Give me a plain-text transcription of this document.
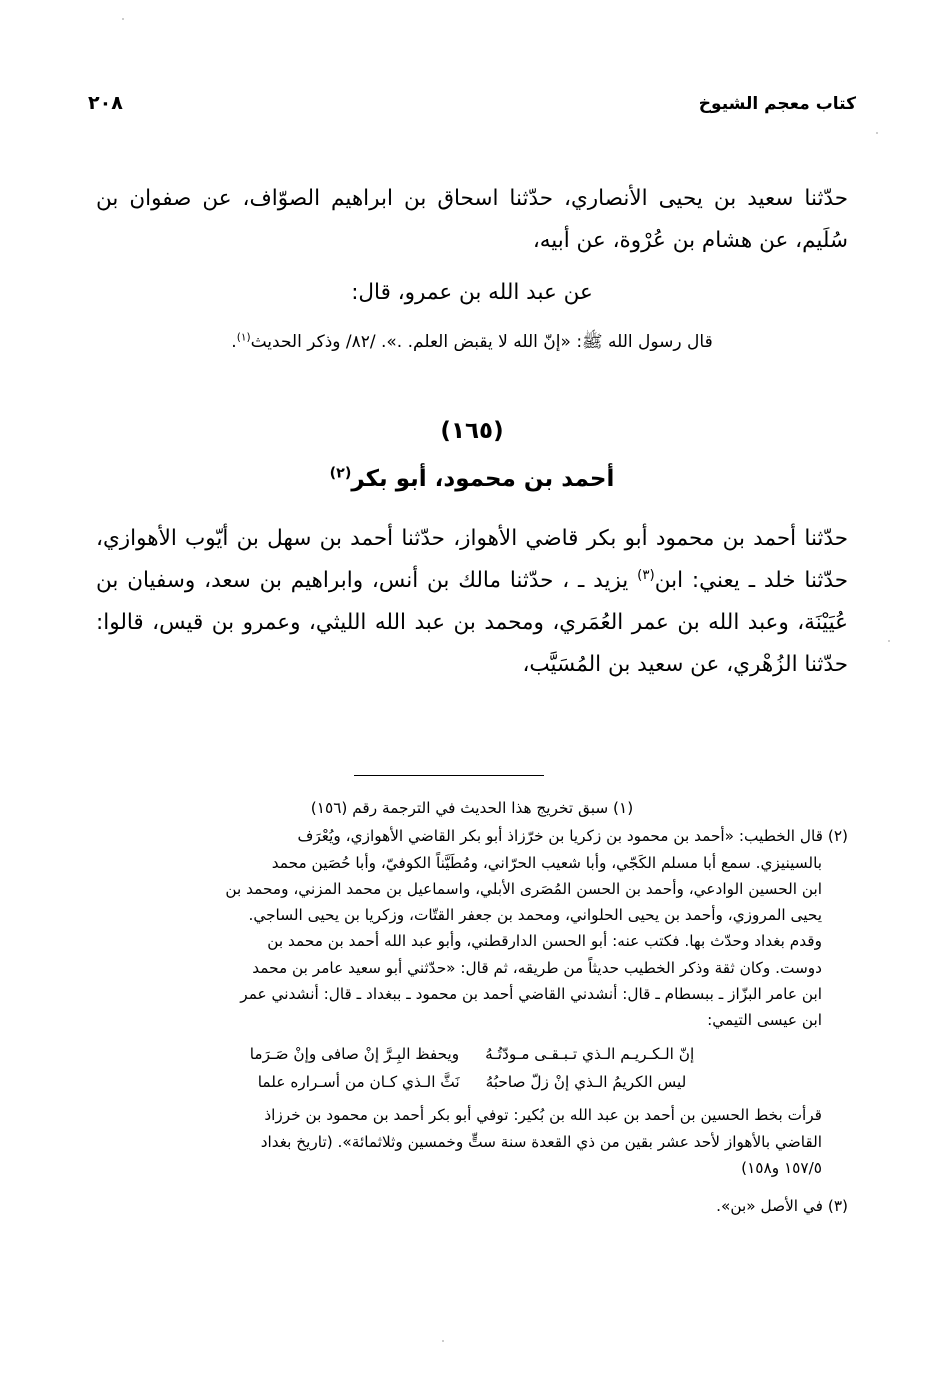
٢٠٨	كتاب معجم الشيوخ

حدّثنا سعيد بن يحيى الأنصاري، حدّثنا اسحاق بن ابراهيم الصوّاف، عن صفوان بن سُلَيم، عن هشام بن عُرْوة، عن أبيه،

عن عبد الله بن عمرو، قال:

قال رسول الله ﷺ: «إنّ الله لا يقبض العلم. .». /٨٢/ وذكر الحديث$^{(١)}$.

(١٦٥)
أحمد بن محمود، أبو بكر$^{(٢)}$

حدّثنا أحمد بن محمود أبو بكر قاضي الأهواز، حدّثنا أحمد بن سهل بن أيّوب الأهوازي، حدّثنا خلد ـ يعني: ابن$^{(٣)}$ يزيد ـ ، حدّثنا مالك بن أنس، وابراهيم بن سعد، وسفيان بن عُيَيْنَة، وعبد الله بن عمر العُمَري، ومحمد بن عبد الله الليثي، وعمرو بن قيس، قالوا: حدّثنا الزُهْري، عن سعيد بن المُسَيَّب،

(١) سبق تخريج هذا الحديث في الترجمة رقم (١٥٦)
(٢) قال الخطيب: «أحمد بن محمود بن زكريا بن خرّزاذ أبو بكر القاضي الأهوازي، ويُعْرَف
بالسينيزي. سمع أبا مسلم الكَجّي، وأبا شعيب الحرّاني، ومُطَيَّناً الكوفيّ، وأبا حُصَين محمد
ابن الحسين الوادعي، وأحمد بن الحسن المُصَرى الأبلي، واسماعيل بن محمد المزني، ومحمد بن
يحيى المروزي، وأحمد بن يحيى الحلواني، ومحمد بن جعفر القتّات، وزكريا بن يحيى الساجي.
وقدم بغداد وحدّث بها. فكتب عنه: أبو الحسن الدارقطني، وأبو عبد الله أحمد بن محمد بن
دوست. وكان ثقة وذكر الخطيب حديثاً من طريقه، ثم قال: «حدّثني أبو سعيد عامر بن محمد
ابن عامر البزّاز ـ ببسطام ـ قال: أنشدني القاضي أحمد بن محمود ـ ببغداد ـ قال: أنشدني عمر
ابن عيسى التيمي:
إنّ الـكـريـم الـذي تـبـقـى مـودّتُـهُ
ويحفظ البِـرَّ إنْ صافى وإنْ صَـرَما
ليس الكريمُ الـذي إنْ زلّ صاحبُهُ
نَثَّ الـذي كـان من أسـراره علما
قرأت بخط الحسين بن أحمد بن عبد الله بن بُكير: توفي أبو بكر أحمد بن محمود بن خرزاذ
القاضي بالأهواز لأحد عشر بقين من ذي القعدة سنة ستٍّ وخمسين وثلاثمائة». (تاريخ بغداد
١٥٧/٥ و١٥٨)
(٣) في الأصل «بن».
